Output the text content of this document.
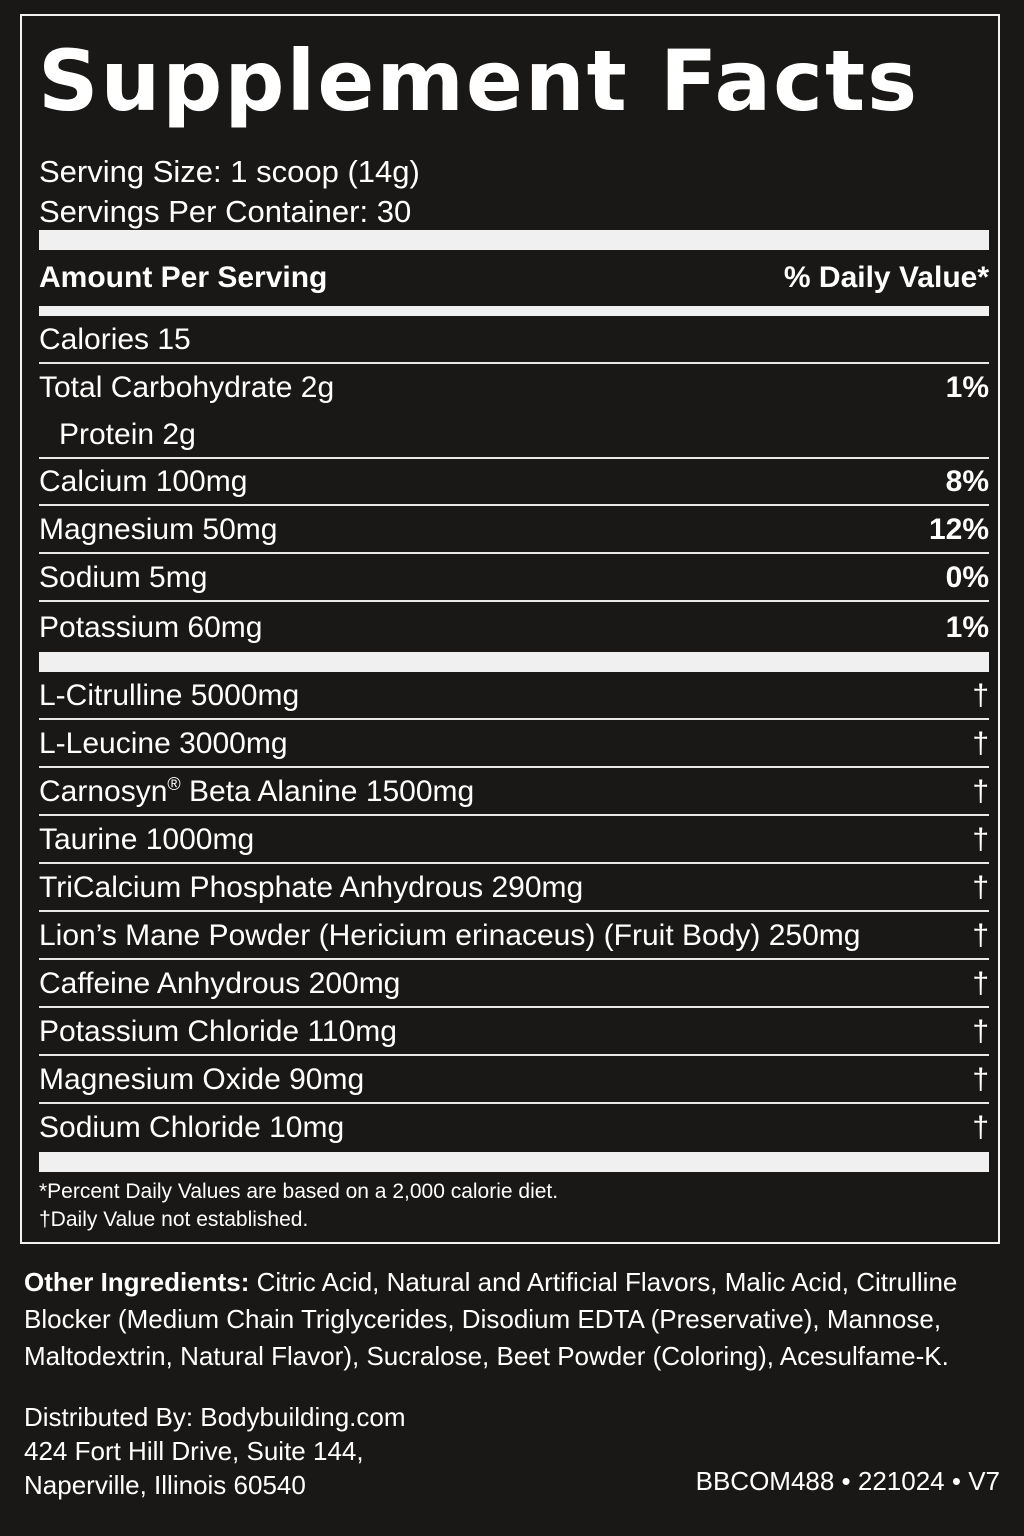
Supplement Facts
Serving Size: 1 scoop (14g)
Servings Per Container: 30
Amount Per Serving	% Daily Value*
Calories 15
Total Carbohydrate 2g	1%
Protein 2g
Calcium 100mg	8%
Magnesium 50mg	12%
Sodium 5mg	0%
Potassium 60mg	1%
L-Citrulline 5000mg	†
L-Leucine 3000mg	†
Carnosyn® Beta Alanine 1500mg	†
Taurine 1000mg	†
TriCalcium Phosphate Anhydrous 290mg	†
Lion’s Mane Powder (Hericium erinaceus) (Fruit Body) 250mg	†
Caffeine Anhydrous 200mg	†
Potassium Chloride 110mg	†
Magnesium Oxide 90mg	†
Sodium Chloride 10mg	†
*Percent Daily Values are based on a 2,000 calorie diet.
†Daily Value not established.
Other Ingredients: Citric Acid, Natural and Artificial Flavors, Malic Acid, Citrulline Blocker (Medium Chain Triglycerides, Disodium EDTA (Preservative), Mannose, Maltodextrin, Natural Flavor), Sucralose, Beet Powder (Coloring), Acesulfame-K.
Distributed By: Bodybuilding.com
424 Fort Hill Drive, Suite 144,
Naperville, Illinois 60540	BBCOM488 • 221024 • V7
